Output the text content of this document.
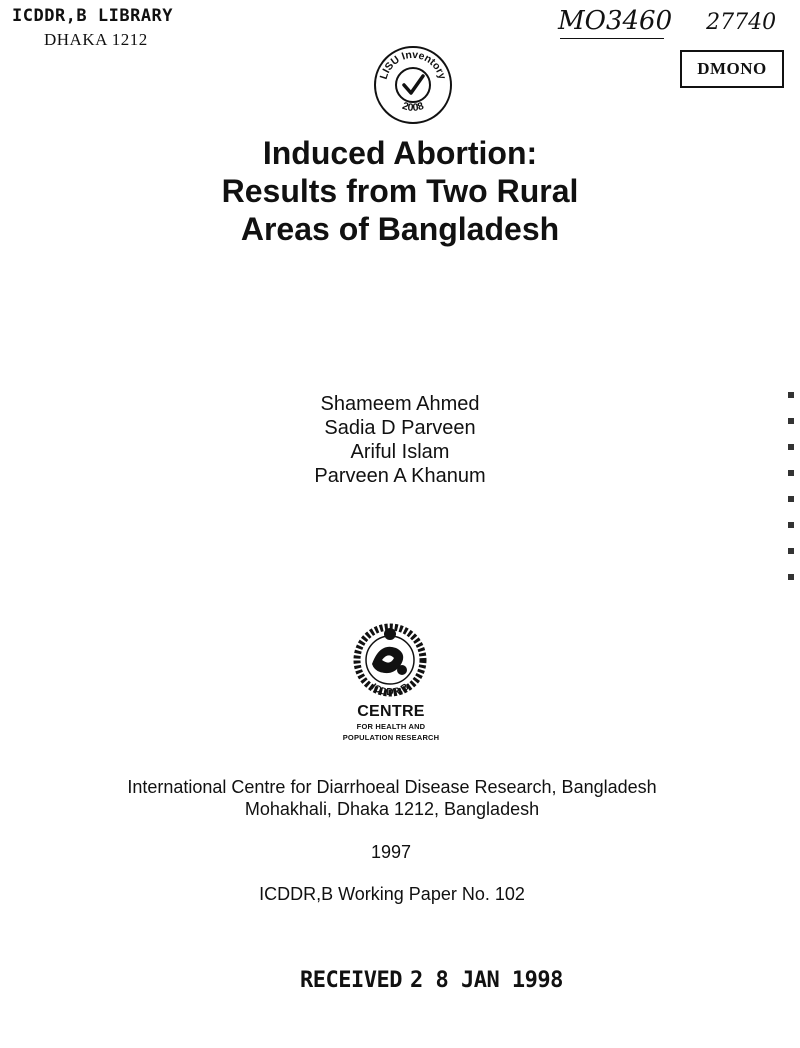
ICDDR,B LIBRARY
DHAKA 1212
MO3460 27740
DMONO
LISU Inventory
2008
Induced Abortion:
Results from Two Rural
Areas of Bangladesh
Shameem Ahmed
Sadia D Parveen
Ariful Islam
Parveen A Khanum
ICDDR,B
CENTRE
FOR HEALTH AND
POPULATION RESEARCH
International Centre for Diarrhoeal Disease Research, Bangladesh
Mohakhali, Dhaka 1212, Bangladesh
1997
ICDDR,B Working Paper No. 102
RECEIVED 2 8 JAN 1998
